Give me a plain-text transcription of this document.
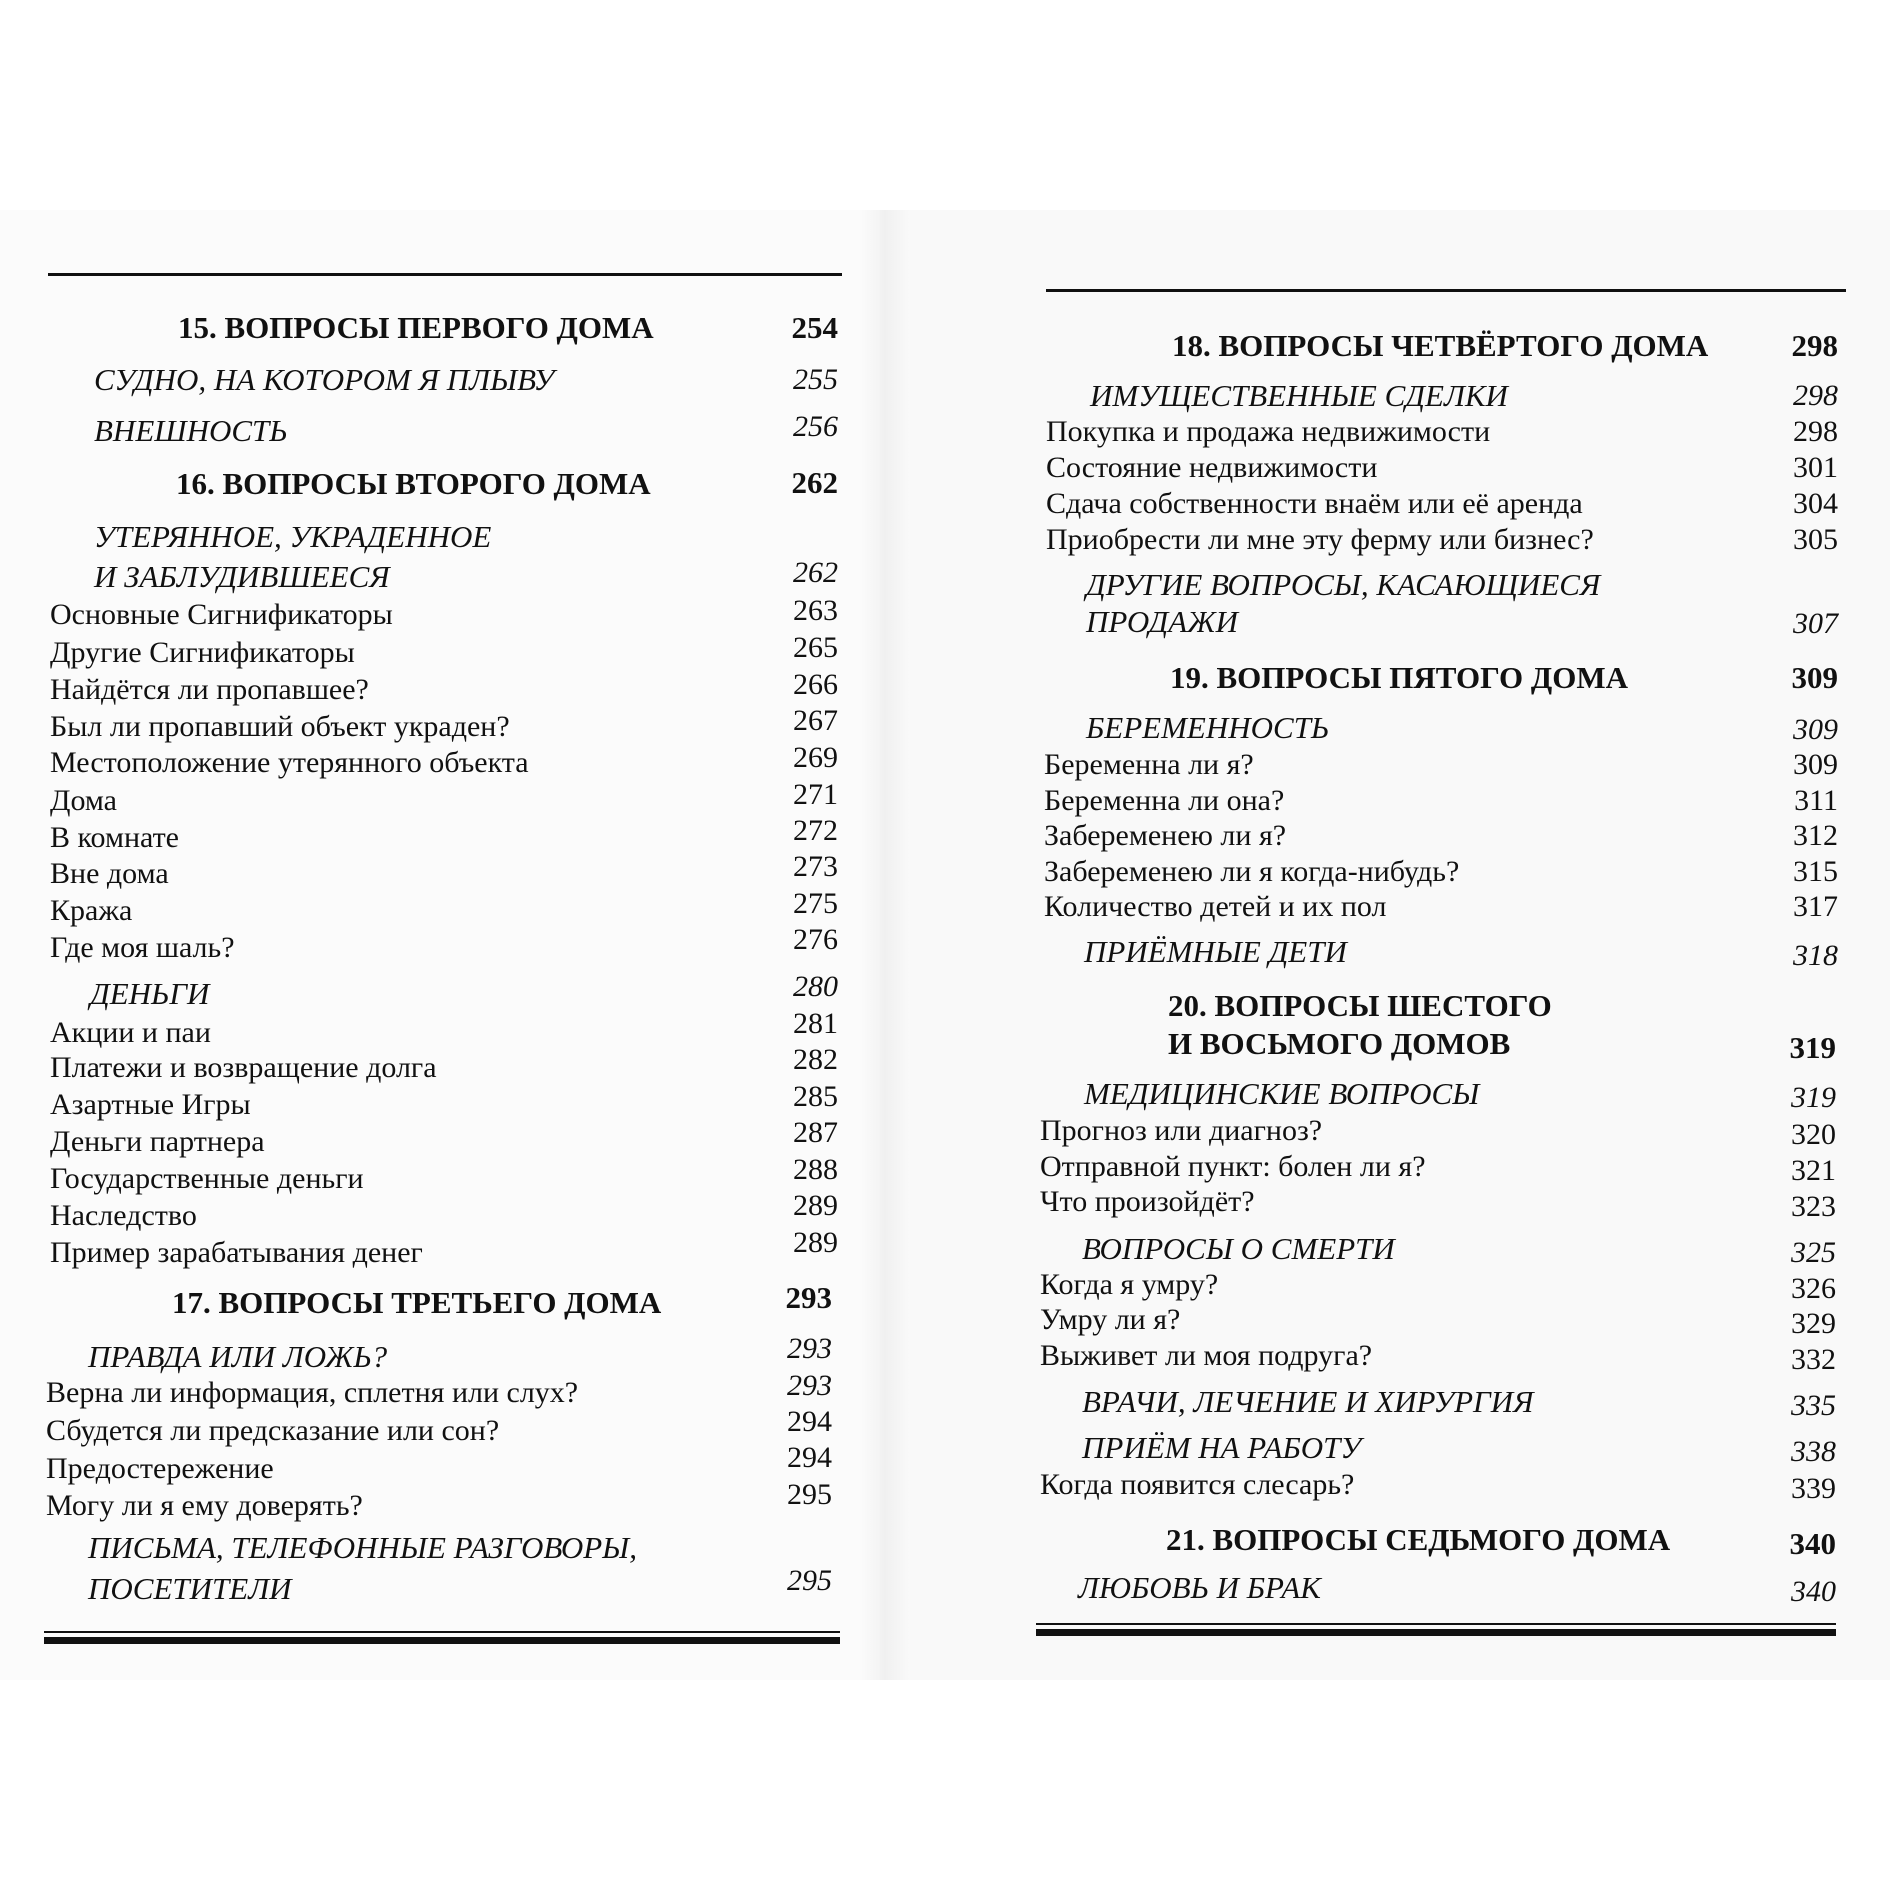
15. ВОПРОСЫ ПЕРВОГО ДОМА	254
СУДНО, НА КОТОРОМ Я ПЛЫВУ	255
ВНЕШНОСТЬ	256
16. ВОПРОСЫ ВТОРОГО ДОМА	262
УТЕРЯННОЕ, УКРАДЕННОЕ
И ЗАБЛУДИВШЕЕСЯ	262
Основные Сигнификаторы	263
Другие Сигнификаторы	265
Найдётся ли пропавшее?	266
Был ли пропавший объект украден?	267
Местоположение утерянного объекта	269
Дома	271
В комнате	272
Вне дома	273
Кража	275
Где моя шаль?	276
ДЕНЬГИ	280
Акции и паи	281
Платежи и возвращение долга	282
Азартные Игры	285
Деньги партнера	287
Государственные деньги	288
Наследство	289
Пример зарабатывания денег	289
17. ВОПРОСЫ ТРЕТЬЕГО ДОМА	293
ПРАВДА ИЛИ ЛОЖЬ?	293
Верна ли информация, сплетня или слух?	293
Сбудется ли предсказание или сон?	294
Предостережение	294
Могу ли я ему доверять?	295
ПИСЬМА, ТЕЛЕФОННЫЕ РАЗГОВОРЫ,
ПОСЕТИТЕЛИ	295
18. ВОПРОСЫ ЧЕТВЁРТОГО ДОМА	298
ИМУЩЕСТВЕННЫЕ СДЕЛКИ	298
Покупка и продажа недвижимости	298
Состояние недвижимости	301
Сдача собственности внаём или её аренда	304
Приобрести ли мне эту ферму или бизнес?	305
ДРУГИЕ ВОПРОСЫ, КАСАЮЩИЕСЯ
ПРОДАЖИ	307
19. ВОПРОСЫ ПЯТОГО ДОМА	309
БЕРЕМЕННОСТЬ	309
Беременна ли я?	309
Беременна ли она?	311
Забеременею ли я?	312
Забеременею ли я когда-нибудь?	315
Количество детей и их пол	317
ПРИЁМНЫЕ ДЕТИ	318
20. ВОПРОСЫ ШЕСТОГО
И ВОСЬМОГО ДОМОВ	319
МЕДИЦИНСКИЕ ВОПРОСЫ	319
Прогноз или диагноз?	320
Отправной пункт: болен ли я?	321
Что произойдёт?	323
ВОПРОСЫ О СМЕРТИ	325
Когда я умру?	326
Умру ли я?	329
Выживет ли моя подруга?	332
ВРАЧИ, ЛЕЧЕНИЕ И ХИРУРГИЯ	335
ПРИЁМ НА РАБОТУ	338
Когда появится слесарь?	339
21. ВОПРОСЫ СЕДЬМОГО ДОМА	340
ЛЮБОВЬ И БРАК	340
